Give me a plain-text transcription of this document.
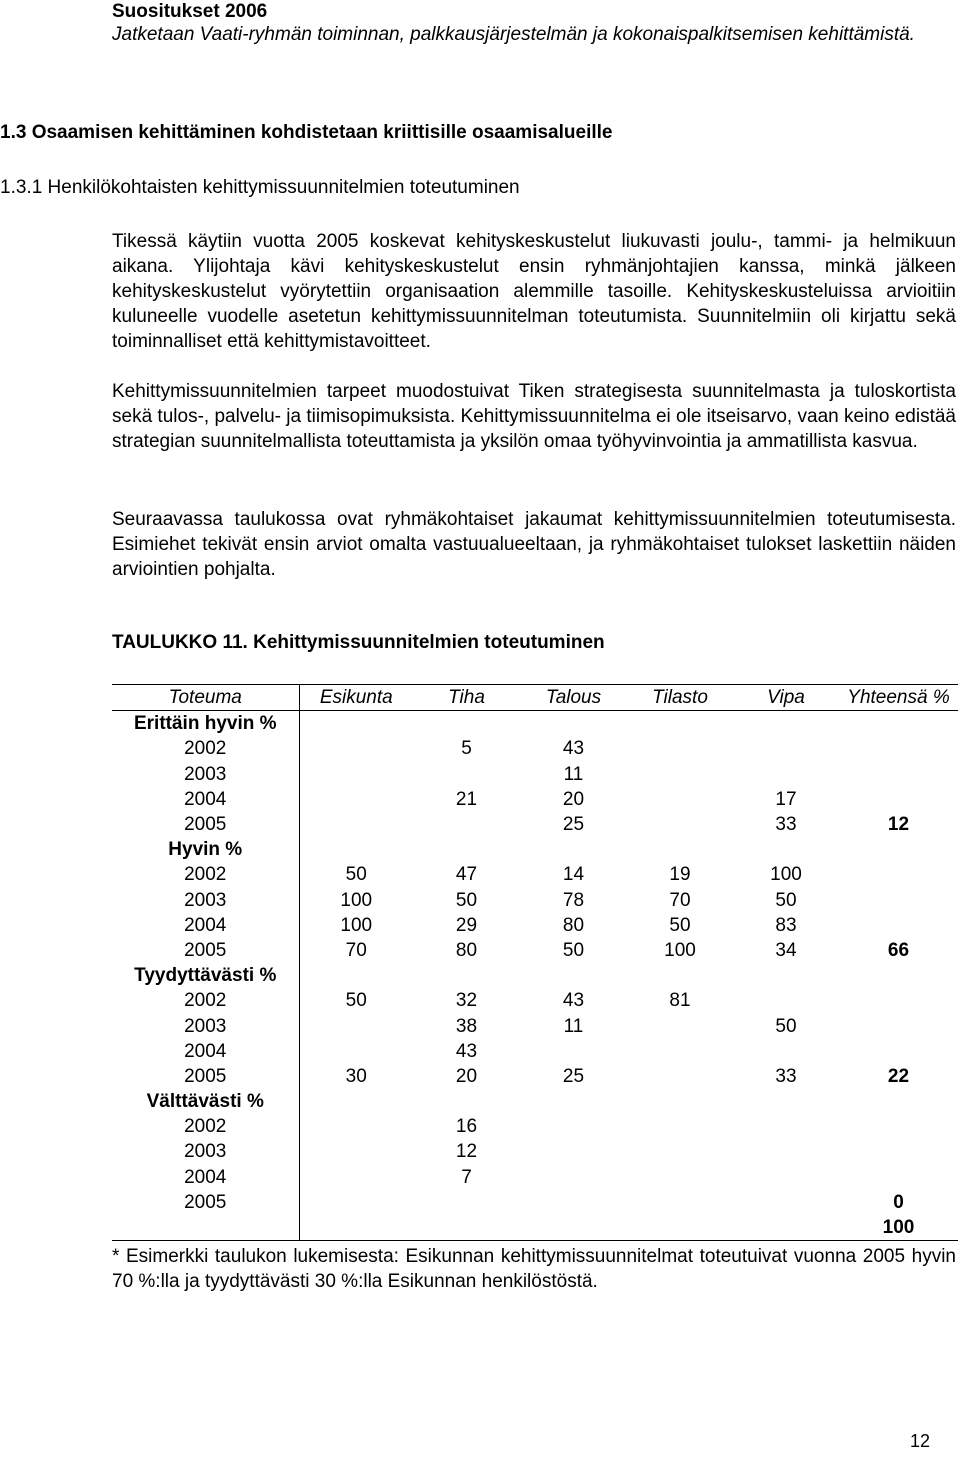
Suositukset 2006
Jatketaan Vaati-ryhmän toiminnan, palkkausjärjestelmän ja kokonaispalkitsemisen kehittämistä.
1.3 Osaamisen kehittäminen kohdistetaan kriittisille osaamisalueille
1.3.1 Henkilökohtaisten kehittymissuunnitelmien toteutuminen
Tikessä käytiin vuotta 2005 koskevat kehityskeskustelut liukuvasti joulu-, tammi- ja helmikuun aikana. Ylijohtaja kävi kehityskeskustelut ensin ryhmänjohtajien kanssa, minkä jälkeen kehityskeskustelut vyörytettiin organisaation alemmille tasoille. Kehityskeskusteluissa arvioitiin kuluneelle vuodelle asetetun kehittymissuunnitelman toteutumista. Suunnitelmiin oli kirjattu sekä toiminnalliset että kehittymistavoitteet.
Kehittymissuunnitelmien tarpeet muodostuivat Tiken strategisesta suunnitelmasta ja tuloskortista sekä tulos-, palvelu- ja tiimisopimuksista. Kehittymissuunnitelma ei ole itseisarvo, vaan keino edistää strategian suunnitelmallista toteuttamista ja yksilön omaa työhyvinvointia ja ammatillista kasvua.
Seuraavassa taulukossa ovat ryhmäkohtaiset jakaumat kehittymissuunnitelmien toteutumisesta. Esimiehet tekivät ensin arviot omalta vastuualueeltaan, ja ryhmäkohtaiset tulokset laskettiin näiden arviointien pohjalta.
TAULUKKO 11. Kehittymissuunnitelmien toteutuminen
Toteuma	Esikunta	Tiha	Talous	Tilasto	Vipa	Yhteensä %
Erittäin hyvin %						
2002		5	43			
2003			11			
2004		21	20		17	
2005			25		33	12
Hyvin %						
2002	50	47	14	19	100	
2003	100	50	78	70	50	
2004	100	29	80	50	83	
2005	70	80	50	100	34	66
Tyydyttävästi %						
2002	50	32	43	81		
2003		38	11		50	
2004		43				
2005	30	20	25		33	22
Välttävästi %						
2002		16				
2003		12				
2004		7				
2005						0
						100
* Esimerkki taulukon lukemisesta: Esikunnan kehittymissuunnitelmat toteutuivat vuonna 2005 hyvin 70 %:lla ja tyydyttävästi 30 %:lla Esikunnan henkilöstöstä.
12
